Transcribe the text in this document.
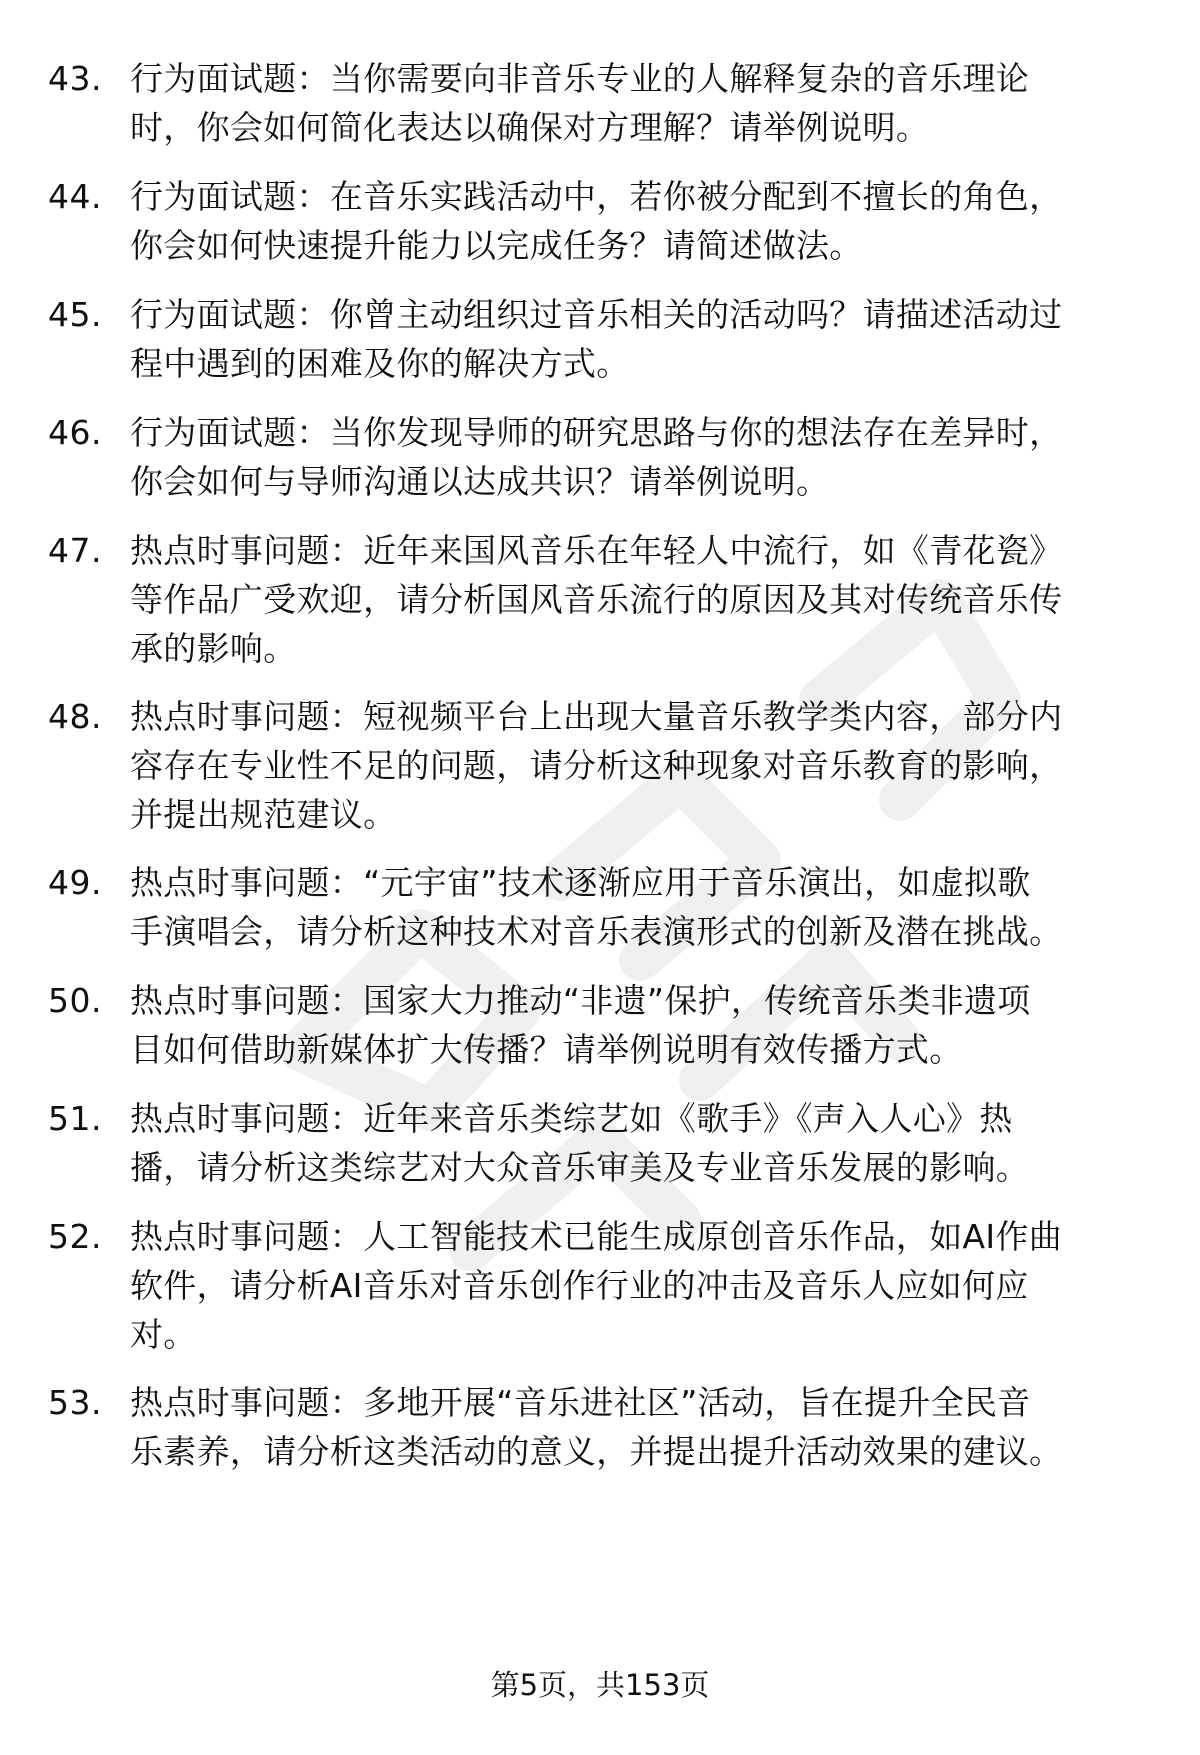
43. 行为面试题：当你需要向非音乐专业的人解释复杂的音乐理论
时，你会如何简化表达以确保对方理解？请举例说明。
44. 行为面试题：在音乐实践活动中，若你被分配到不擅长的角色，
你会如何快速提升能力以完成任务？请简述做法。
45. 行为面试题：你曾主动组织过音乐相关的活动吗？请描述活动过
程中遇到的困难及你的解决方式。
46. 行为面试题：当你发现导师的研究思路与你的想法存在差异时，
你会如何与导师沟通以达成共识？请举例说明。
47. 热点时事问题：近年来国风音乐在年轻人中流行，如《青花瓷》
等作品广受欢迎，请分析国风音乐流行的原因及其对传统音乐传
承的影响。
48. 热点时事问题：短视频平台上出现大量音乐教学类内容，部分内
容存在专业性不足的问题，请分析这种现象对音乐教育的影响，
并提出规范建议。
49. 热点时事问题：“元宇宙”技术逐渐应用于音乐演出，如虚拟歌
手演唱会，请分析这种技术对音乐表演形式的创新及潜在挑战。
50. 热点时事问题：国家大力推动“非遗”保护，传统音乐类非遗项
目如何借助新媒体扩大传播？请举例说明有效传播方式。
51. 热点时事问题：近年来音乐类综艺如《歌手》《声入人心》热
播，请分析这类综艺对大众音乐审美及专业音乐发展的影响。
52. 热点时事问题：人工智能技术已能生成原创音乐作品，如AI作曲
软件，请分析AI音乐对音乐创作行业的冲击及音乐人应如何应
对。
53. 热点时事问题：多地开展“音乐进社区”活动，旨在提升全民音
乐素养，请分析这类活动的意义，并提出提升活动效果的建议。
第5页，共153页
